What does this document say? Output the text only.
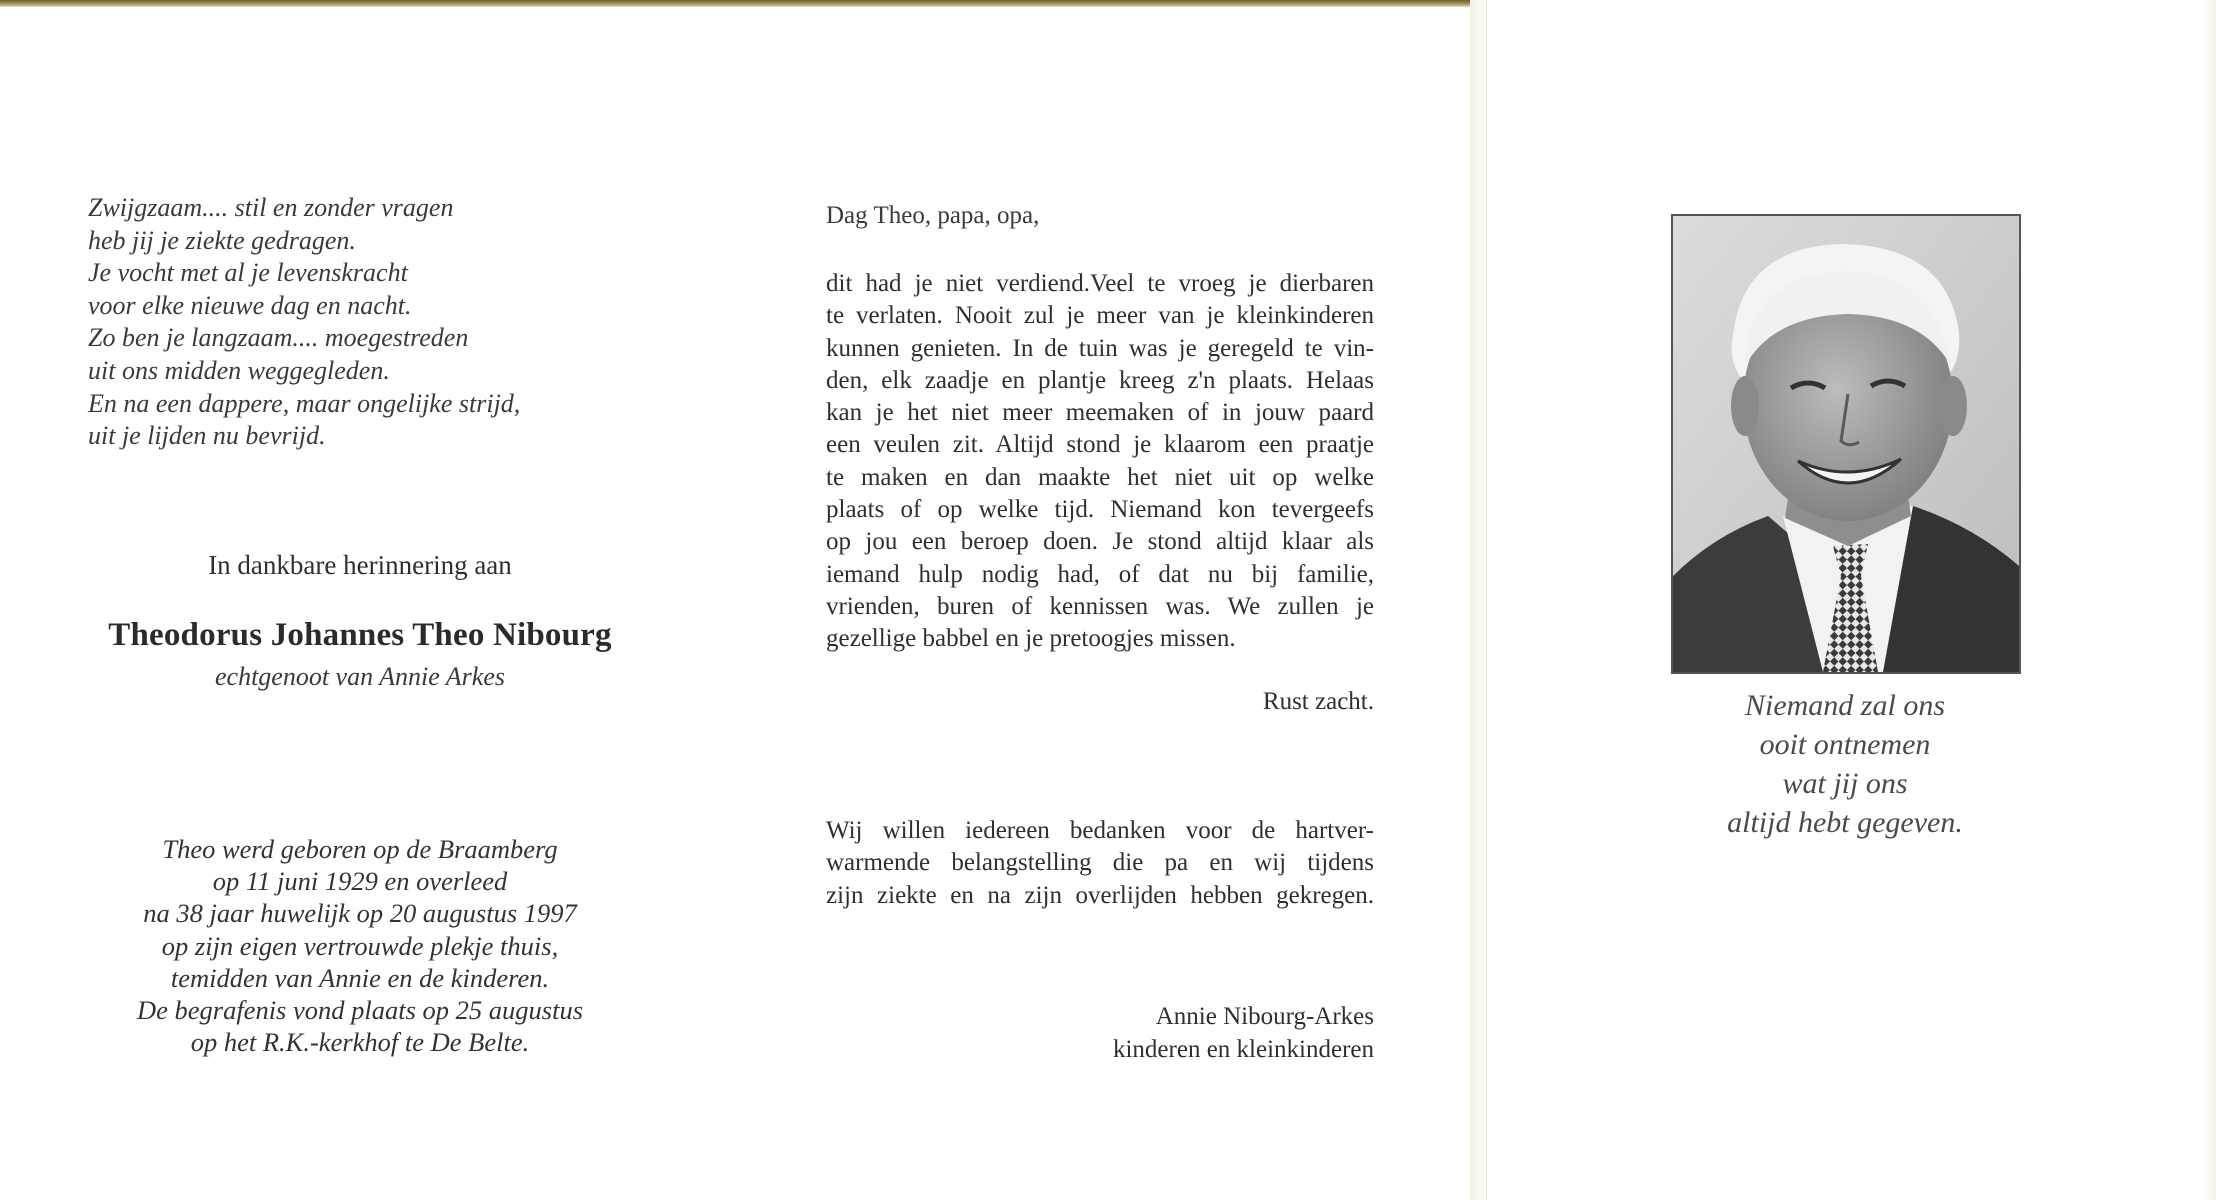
Zwijgzaam.... stil en zonder vragen
heb jij je ziekte gedragen.
Je vocht met al je levenskracht
voor elke nieuwe dag en nacht.
Zo ben je langzaam.... moegestreden
uit ons midden weggegleden.
En na een dappere, maar ongelijke strijd,
uit je lijden nu bevrijd.
In dankbare herinnering aan
Theodorus Johannes Theo Nibourg
echtgenoot van Annie Arkes
Theo werd geboren op de Braamberg
op 11 juni 1929 en overleed
na 38 jaar huwelijk op 20 augustus 1997
op zijn eigen vertrouwde plekje thuis,
temidden van Annie en de kinderen.
De begrafenis vond plaats op 25 augustus
op het R.K.-kerkhof te De Belte.
Dag Theo, papa, opa,
dit had je niet verdiend.Veel te vroeg je dierbaren
te verlaten. Nooit zul je meer van je kleinkinderen
kunnen genieten. In de tuin was je geregeld te vin-
den, elk zaadje en plantje kreeg z'n plaats. Helaas
kan je het niet meer meemaken of in jouw paard
een veulen zit. Altijd stond je klaarom een praatje
te maken en dan maakte het niet uit op welke
plaats of op welke tijd. Niemand kon tevergeefs
op jou een beroep doen. Je stond altijd klaar als
iemand hulp nodig had, of dat nu bij familie,
vrienden, buren of kennissen was. We zullen je
gezellige babbel en je pretoogjes missen.
Rust zacht.
Wij willen iedereen bedanken voor de hartver-
warmende belangstelling die pa en wij tijdens
zijn ziekte en na zijn overlijden hebben gekregen.
Annie Nibourg-Arkes
kinderen en kleinkinderen
Niemand zal ons
ooit ontnemen
wat jij ons
altijd hebt gegeven.
